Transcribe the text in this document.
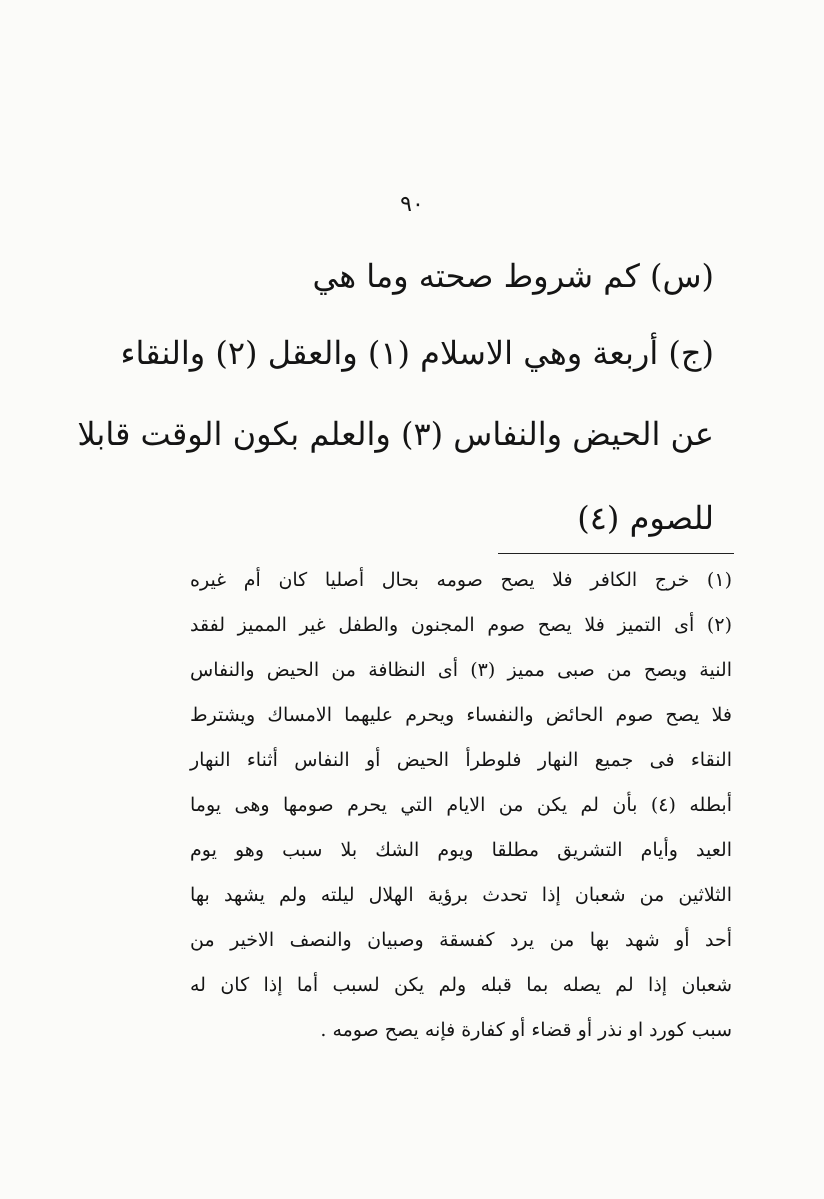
٩٠
(س) كم شروط صحته وما هي
(ج) أربعة وهي الاسلام (١) والعقل (٢) والنقاء
عن الحيض والنفاس (٣) والعلم بكون الوقت قابلا
للصوم (٤)
(١) خرج الكافر فلا يصح صومه بحال أصليا كان أم غيره
(٢) أى التميز فلا يصح صوم المجنون والطفل غير المميز لفقد
النية ويصح من صبى مميز (٣) أى النظافة من الحيض والنفاس
فلا يصح صوم الحائض والنفساء ويحرم عليهما الامساك ويشترط
النقاء فى جميع النهار فلوطرأ الحيض أو النفاس أثناء النهار
أبطله (٤) بأن لم يكن من الايام التي يحرم صومها وهى يوما
العيد وأيام التشريق مطلقا ويوم الشك بلا سبب وهو يوم
الثلاثين من شعبان إذا تحدث برؤية الهلال ليلته ولم يشهد بها
أحد أو شهد بها من يرد كفسقة وصبيان والنصف الاخير من
شعبان إذا لم يصله بما قبله ولم يكن لسبب أما إذا كان له
سبب كورد او نذر أو قضاء أو كفارة فإنه يصح صومه .
